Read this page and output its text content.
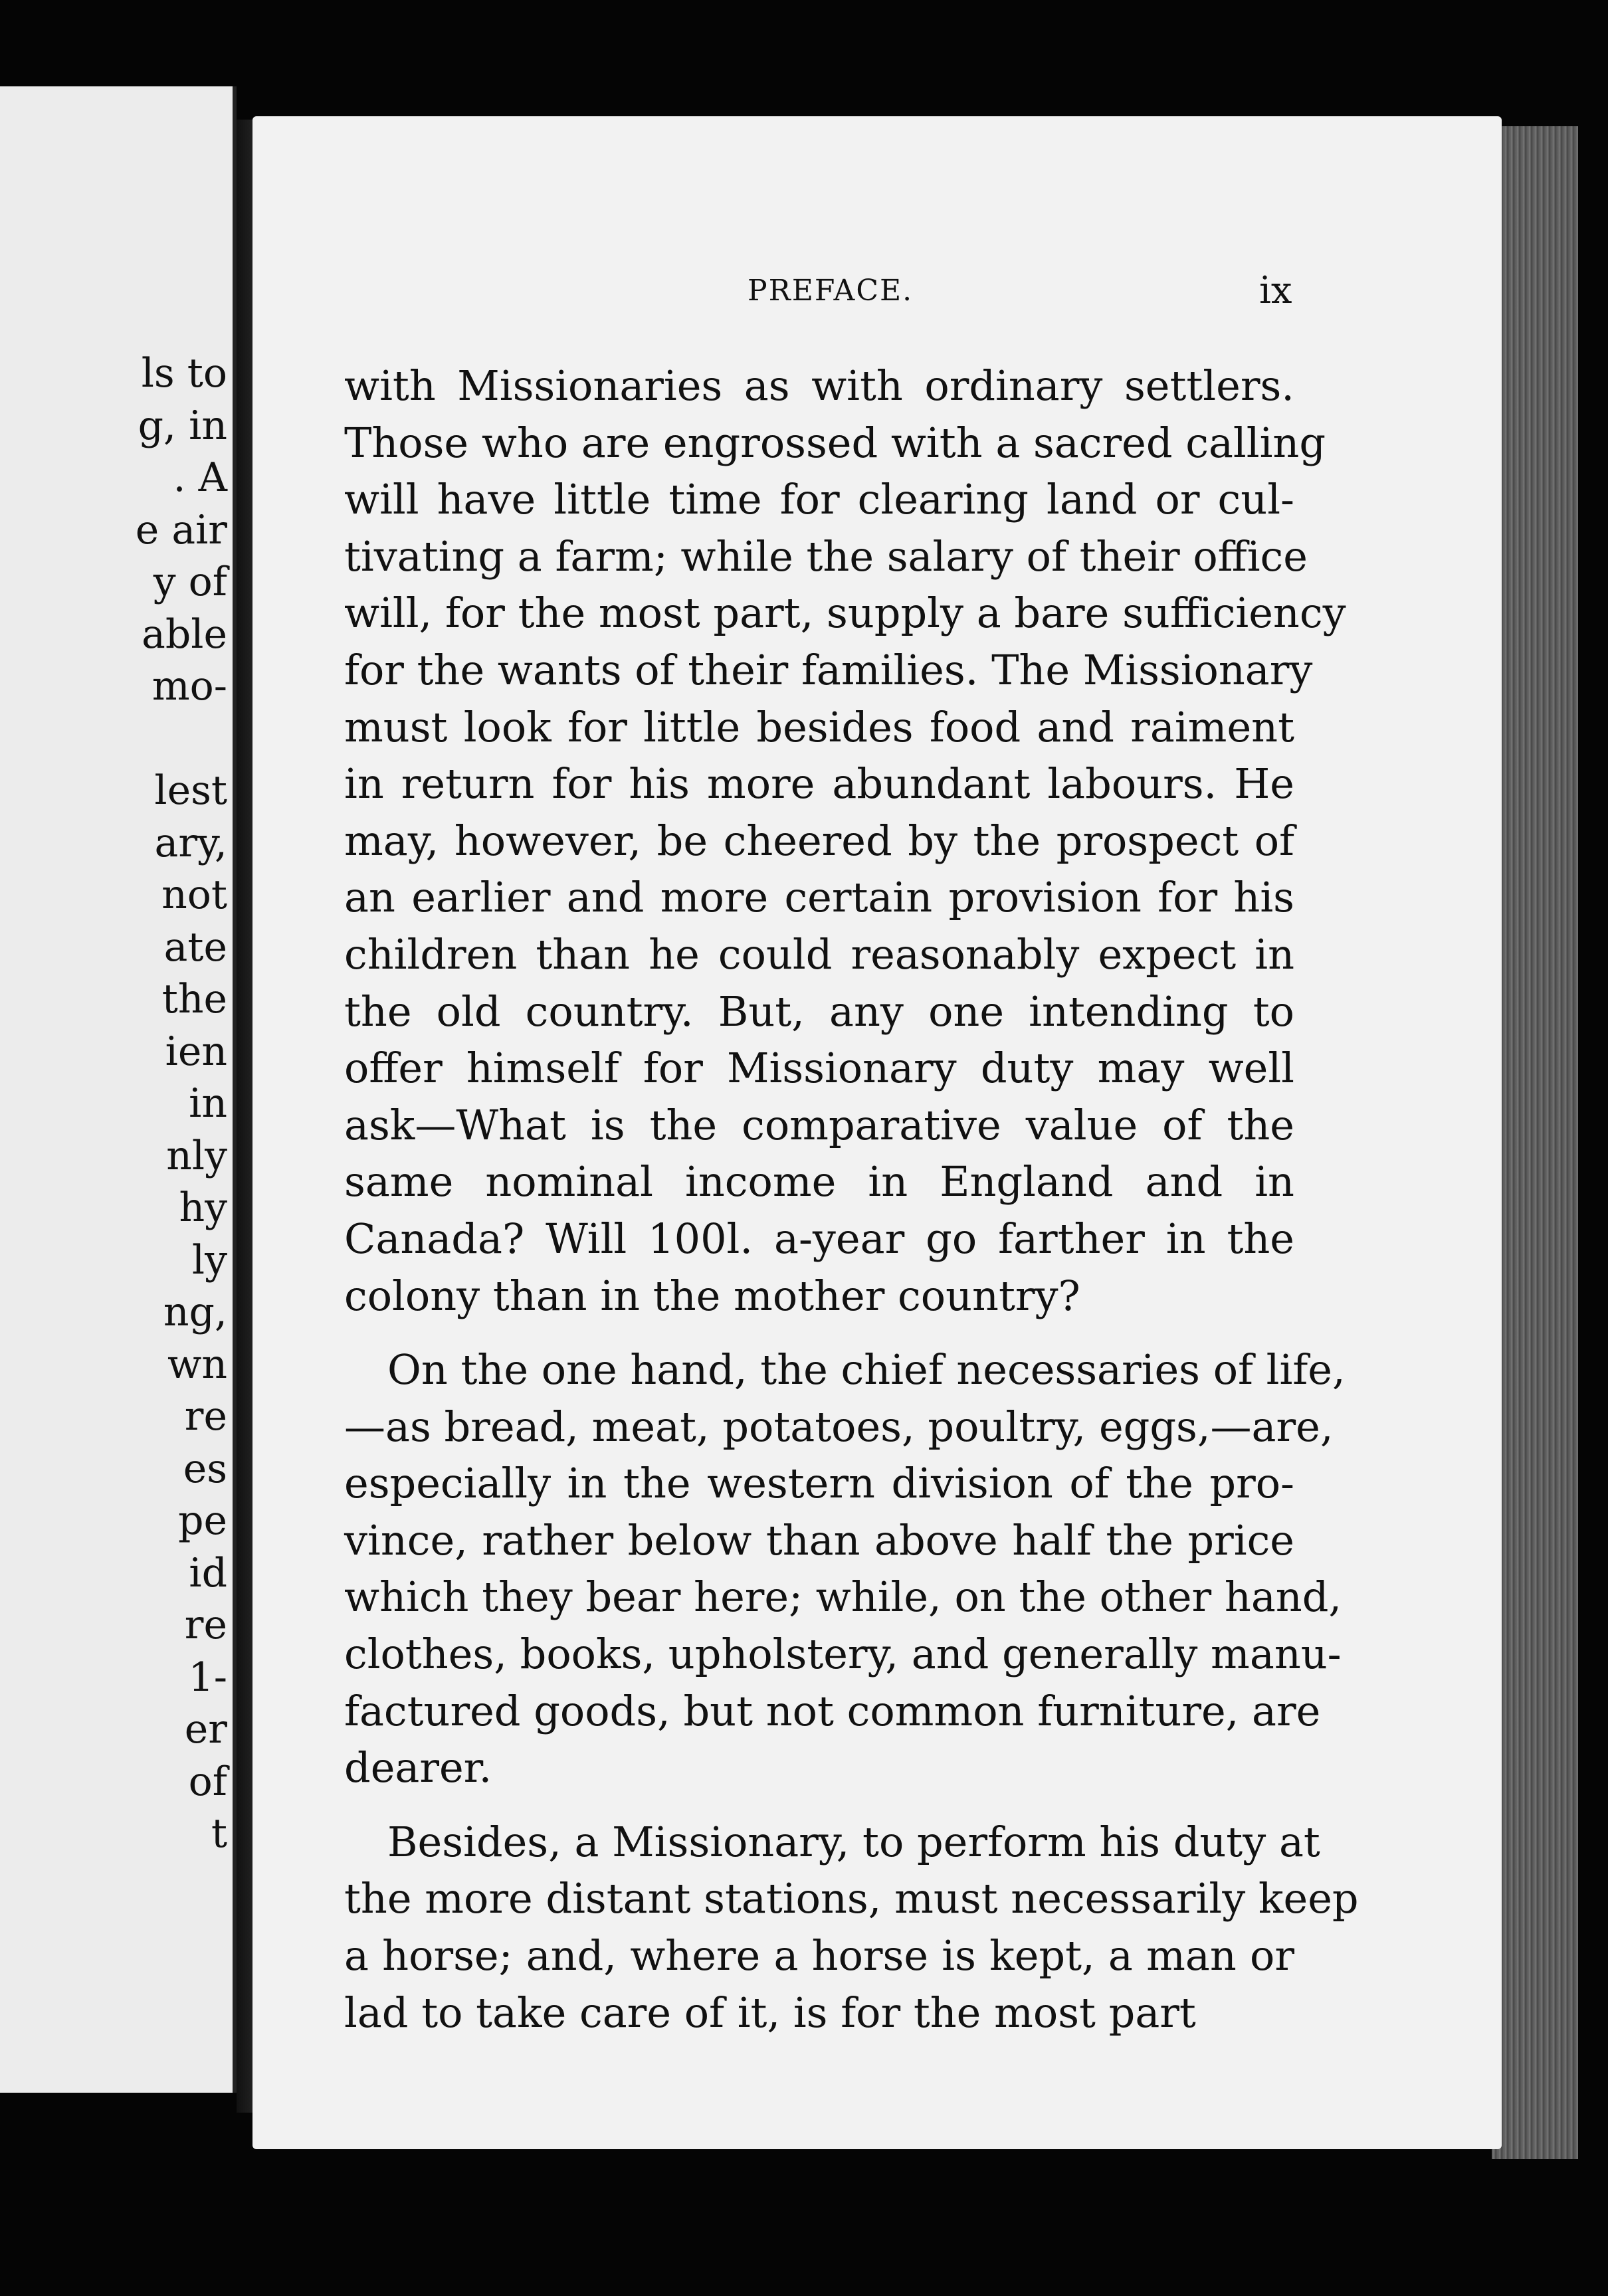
ls to
g, in
. A
e air
y of
able
mo-
lest
ary,
not
ate
the
ien
in
nly
hy
ly
ng,
wn
re
es
pe
id
re
1-
er
of
t
PREFACE.	ix
with Missionaries as with ordinary settlers.
Those who are engrossed with a sacred calling
will have little time for clearing land or cul-
tivating a farm; while the salary of their office
will, for the most part, supply a bare sufficiency
for the wants of their families. The Missionary
must look for little besides food and raiment
in return for his more abundant labours. He
may, however, be cheered by the prospect of
an earlier and more certain provision for his
children than he could reasonably expect in
the old country. But, any one intending to
offer himself for Missionary duty may well
ask—What is the comparative value of the
same nominal income in England and in
Canada? Will 100l. a-year go farther in the
colony than in the mother country?
On the one hand, the chief necessaries of life,
—as bread, meat, potatoes, poultry, eggs,—are,
especially in the western division of the pro-
vince, rather below than above half the price
which they bear here; while, on the other hand,
clothes, books, upholstery, and generally manu-
factured goods, but not common furniture, are
dearer.
Besides, a Missionary, to perform his duty at
the more distant stations, must necessarily keep
a horse; and, where a horse is kept, a man or
lad to take care of it, is for the most part
